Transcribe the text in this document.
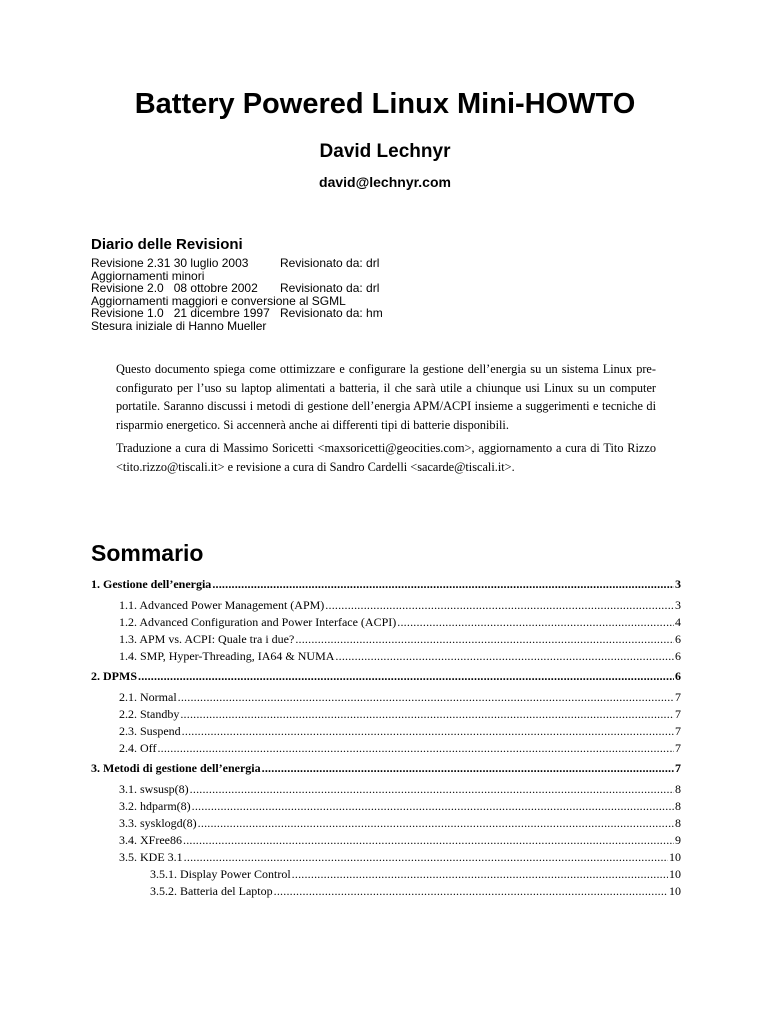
Battery Powered Linux Mini-HOWTO
David Lechnyr
david@lechnyr.com
Diario delle Revisioni
Revisione 2.31 30 luglio 2003	Revisionato da: drl
Aggiornamenti minori
Revisione 2.0   08 ottobre 2002 Revisionato da: drl
Aggiornamenti maggiori e conversione al SGML
Revisione 1.0   21 dicembre 1997 Revisionato da: hm
Stesura iniziale di Hanno Mueller

Questo documento spiega come ottimizzare e configurare la gestione dell’energia su un sistema Linux pre-configurato per l’uso su laptop alimentati a batteria, il che sarà utile a chiunque usi Linux su un computer portatile. Saranno discussi i metodi di gestione dell’energia APM/ACPI insieme a suggerimenti e tecniche di risparmio energetico. Si accennerà anche ai differenti tipi di batterie disponibili.

Traduzione a cura di Massimo Soricetti <maxsoricetti@geocities.com>, aggiornamento a cura di Tito Rizzo <tito.rizzo@tiscali.it> e revisione a cura di Sandro Cardelli <sacarde@tiscali.it>.

Sommario
1. Gestione dell’energia . . .	3
1.1. Advanced Power Management (APM) . . .	3
1.2. Advanced Configuration and Power Interface (ACPI) . . .	4
1.3. APM vs. ACPI: Quale tra i due? . . .	6
1.4. SMP, Hyper-Threading, IA64 & NUMA . . .	6
2. DPMS . . .	6
2.1. Normal . . .	7
2.2. Standby . . .	7
2.3. Suspend . . .	7
2.4. Off . . .	7
3. Metodi di gestione dell’energia . . .	7
3.1. swsusp(8) . . .	8
3.2. hdparm(8) . . .	8
3.3. sysklogd(8) . . .	8
3.4. XFree86 . . .	9
3.5. KDE 3.1 . . .	10
3.5.1. Display Power Control . . .	10
3.5.2. Batteria del Laptop . . .	10
